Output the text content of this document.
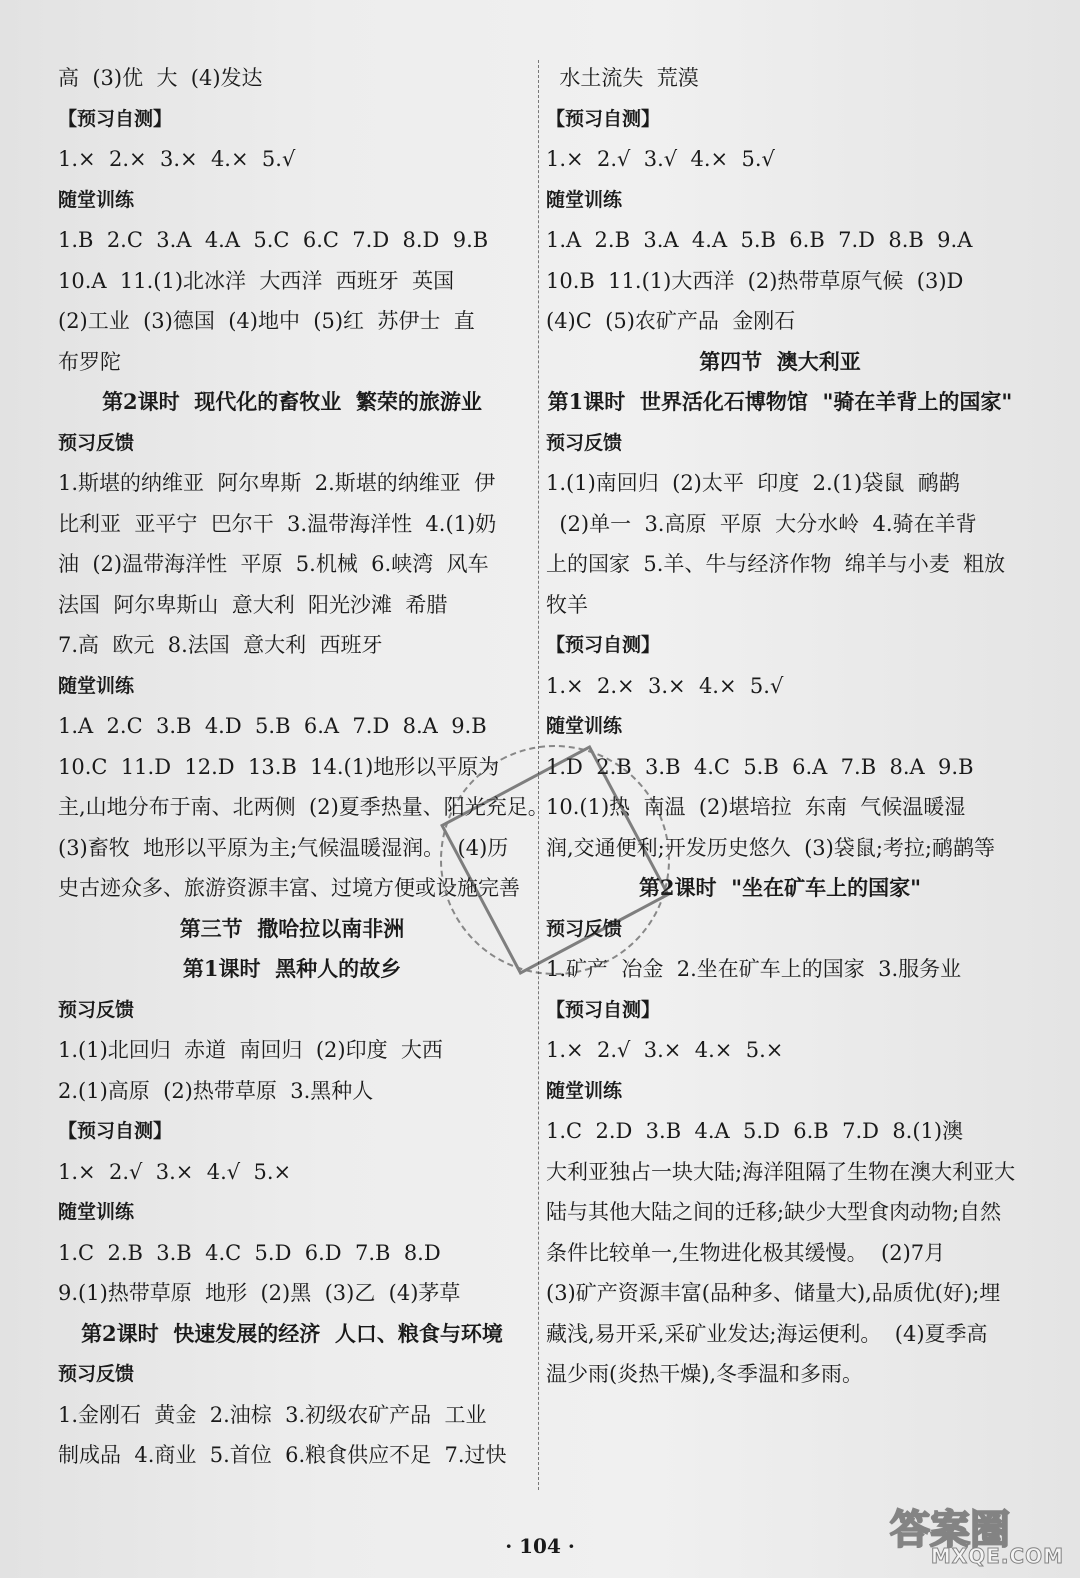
高  (3)优  大  (4)发达
【预习自测】
1.×  2.×  3.×  4.×  5.√
随堂训练
1.B  2.C  3.A  4.A  5.C  6.C  7.D  8.D  9.B
10.A  11.(1)北冰洋  大西洋  西班牙  英国
(2)工业  (3)德国  (4)地中  (5)红  苏伊士  直
布罗陀
第2课时  现代化的畜牧业  繁荣的旅游业
预习反馈
1.斯堪的纳维亚  阿尔卑斯  2.斯堪的纳维亚  伊
比利亚  亚平宁  巴尔干  3.温带海洋性  4.(1)奶
油  (2)温带海洋性  平原  5.机械  6.峡湾  风车
法国  阿尔卑斯山  意大利  阳光沙滩  希腊
7.高  欧元  8.法国  意大利  西班牙
随堂训练
1.A  2.C  3.B  4.D  5.B  6.A  7.D  8.A  9.B
10.C  11.D  12.D  13.B  14.(1)地形以平原为
主,山地分布于南、北两侧  (2)夏季热量、阳光充足。
(3)畜牧  地形以平原为主;气候温暖湿润。  (4)历
史古迹众多、旅游资源丰富、过境方便或设施完善
第三节  撒哈拉以南非洲
第1课时  黑种人的故乡
预习反馈
1.(1)北回归  赤道  南回归  (2)印度  大西
2.(1)高原  (2)热带草原  3.黑种人
【预习自测】
1.×  2.√  3.×  4.√  5.×
随堂训练
1.C  2.B  3.B  4.C  5.D  6.D  7.B  8.D
9.(1)热带草原  地形  (2)黑  (3)乙  (4)茅草
第2课时  快速发展的经济  人口、粮食与环境
预习反馈
1.金刚石  黄金  2.油棕  3.初级农矿产品  工业
制成品  4.商业  5.首位  6.粮食供应不足  7.过快
水土流失  荒漠
【预习自测】
1.×  2.√  3.√  4.×  5.√
随堂训练
1.A  2.B  3.A  4.A  5.B  6.B  7.D  8.B  9.A
10.B  11.(1)大西洋  (2)热带草原气候  (3)D
(4)C  (5)农矿产品  金刚石
第四节  澳大利亚
第1课时  世界活化石博物馆  "骑在羊背上的国家"
预习反馈
1.(1)南回归  (2)太平  印度  2.(1)袋鼠  鸸鹋
(2)单一  3.高原  平原  大分水岭  4.骑在羊背
上的国家  5.羊、牛与经济作物  绵羊与小麦  粗放
牧羊
【预习自测】
1.×  2.×  3.×  4.×  5.√
随堂训练
1.D  2.B  3.B  4.C  5.B  6.A  7.B  8.A  9.B
10.(1)热  南温  (2)堪培拉  东南  气候温暖湿
润,交通便利;开发历史悠久  (3)袋鼠;考拉;鸸鹋等
第2课时  "坐在矿车上的国家"
预习反馈
1.矿产  冶金  2.坐在矿车上的国家  3.服务业
【预习自测】
1.×  2.√  3.×  4.×  5.×
随堂训练
1.C  2.D  3.B  4.A  5.D  6.B  7.D  8.(1)澳
大利亚独占一块大陆;海洋阻隔了生物在澳大利亚大
陆与其他大陆之间的迁移;缺少大型食肉动物;自然
条件比较单一,生物进化极其缓慢。  (2)7月
(3)矿产资源丰富(品种多、储量大),品质优(好);埋
藏浅,易开采,采矿业发达;海运便利。  (4)夏季高
温少雨(炎热干燥),冬季温和多雨。
· 104 ·	答案圈
MXQE.COM
